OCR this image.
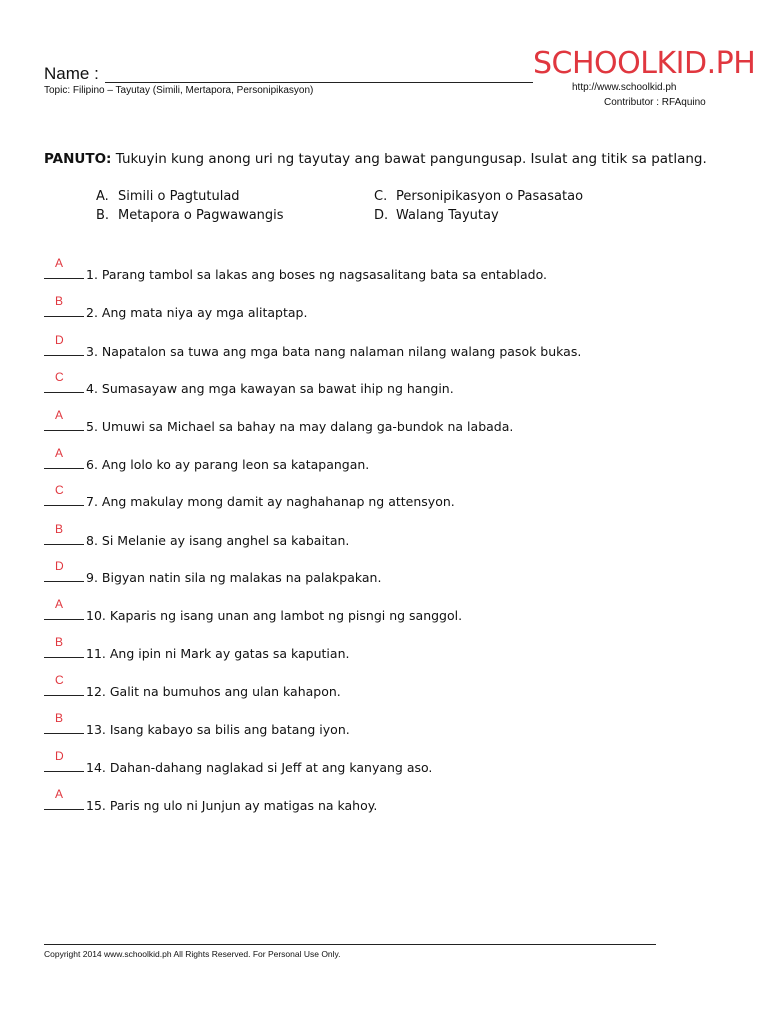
Name :
Topic: Filipino – Tayutay (Simili, Mertapora, Personipikasyon)
SCHOOLKID.PH
http://www.schoolkid.ph
Contributor : RFAquino
PANUTO: Tukuyin kung anong uri ng tayutay ang bawat pangungusap. Isulat ang titik sa patlang.
A. Simili o Pagtutulad
B. Metapora o Pagwawangis
C. Personipikasyon o Pasasatao
D. Walang Tayutay
A
1. Parang tambol sa lakas ang boses ng nagsasalitang bata sa entablado.
B
2. Ang mata niya ay mga alitaptap.
D
3. Napatalon sa tuwa ang mga bata nang nalaman nilang walang pasok bukas.
C
4. Sumasayaw ang mga kawayan sa bawat ihip ng hangin.
A
5. Umuwi sa Michael sa bahay na may dalang ga-bundok na labada.
A
6. Ang lolo ko ay parang leon sa katapangan.
C
7. Ang makulay mong damit ay naghahanap ng attensyon.
B
8. Si Melanie ay isang anghel sa kabaitan.
D
9. Bigyan natin sila ng malakas na palakpakan.
A
10. Kaparis ng isang unan ang lambot ng pisngi ng sanggol.
B
11. Ang ipin ni Mark ay gatas sa kaputian.
C
12. Galit na bumuhos ang ulan kahapon.
B
13. Isang kabayo sa bilis ang batang iyon.
D
14. Dahan-dahang naglakad si Jeff at ang kanyang aso.
A
15. Paris ng ulo ni Junjun ay matigas na kahoy.
Copyright 2014 www.schoolkid.ph All Rights Reserved. For Personal Use Only.
